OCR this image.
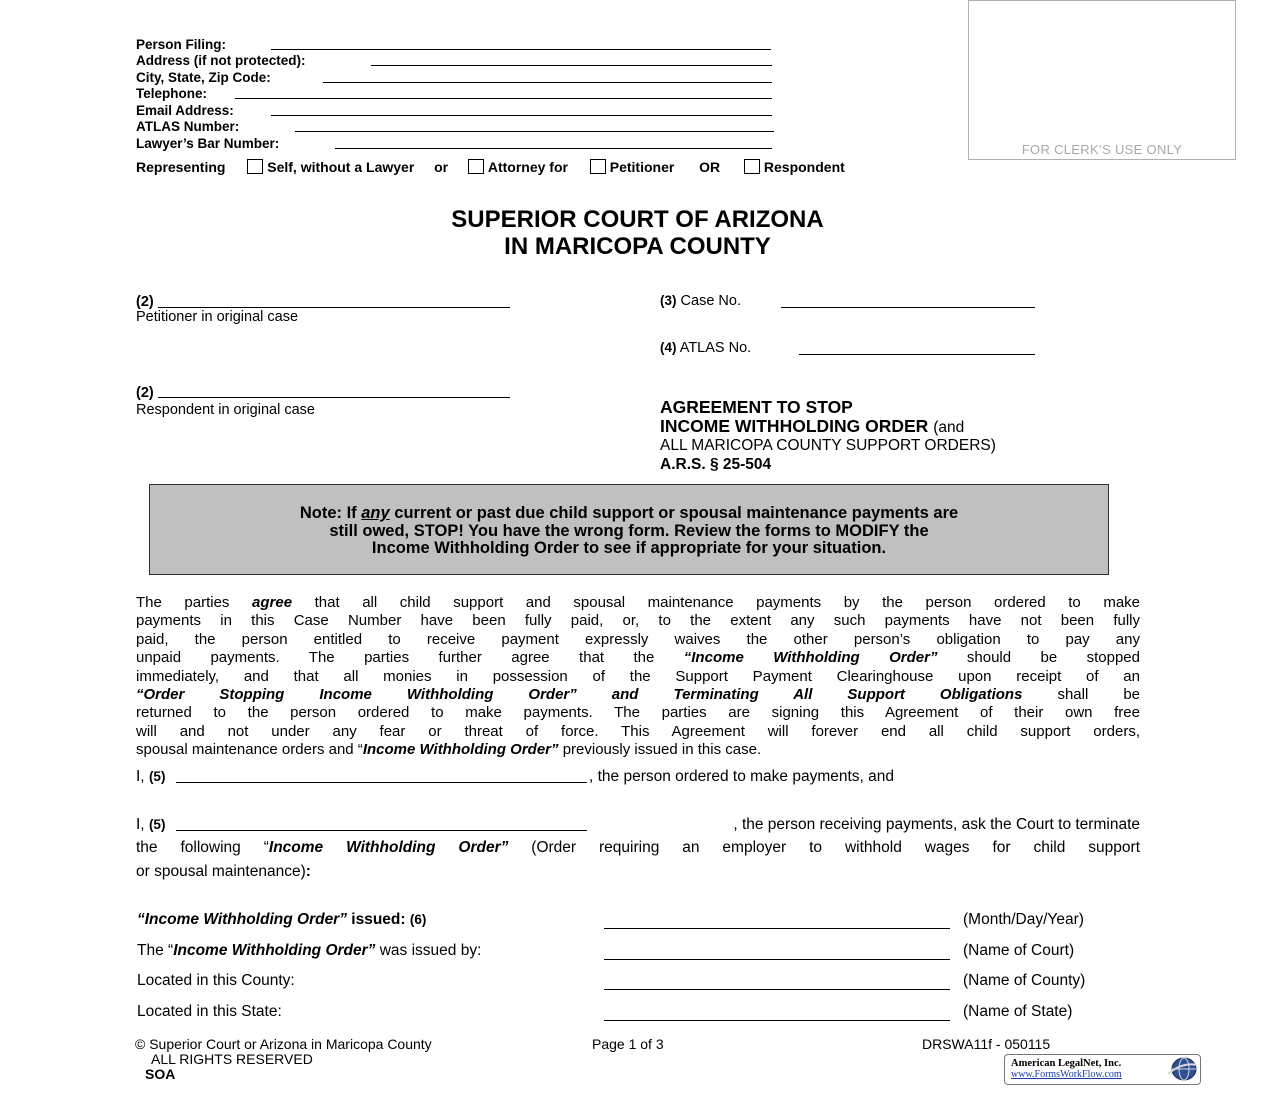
Person Filing:
Address (if not protected):
City, State, Zip Code:
Telephone:
Email Address:
ATLAS Number:
Lawyer’s Bar Number:	FOR CLERK’S USE ONLY
Representing	Self, without a Lawyer or	Attorney for	Petitioner OR	Respondent
SUPERIOR COURT OF ARIZONA
IN MARICOPA COUNTY
(2)
Petitioner in original case
(2)
Respondent in original case
(3) Case No.
(4) ATLAS No.
AGREEMENT TO STOP
INCOME WITHHOLDING ORDER (and
ALL MARICOPA COUNTY SUPPORT ORDERS)
A.R.S. § 25-504
Note: If any current or past due child support or spousal maintenance payments are
still owed, STOP! You have the wrong form. Review the forms to MODIFY the
Income Withholding Order to see if appropriate for your situation.
The parties agree that all child support and spousal maintenance payments by the person ordered to make
payments in this Case Number have been fully paid, or, to the extent any such payments have not been fully
paid, the person entitled to receive payment expressly waives the other person’s obligation to pay any
unpaid payments. The parties further agree that the “Income Withholding Order” should be stopped
immediately, and that all monies in possession of the Support Payment Clearinghouse upon receipt of an
“Order Stopping Income Withholding Order” and Terminating All Support Obligations shall be
returned to the person ordered to make payments. The parties are signing this Agreement of their own free
will and not under any fear or threat of force. This Agreement will forever end all child support orders,
spousal maintenance orders and “Income Withholding Order” previously issued in this case.
I, (5)	, the person ordered to make payments, and
I, (5)	, the person receiving payments, ask the Court to terminate
the following “Income Withholding Order” (Order requiring an employer to withhold wages for child support
or spousal maintenance):
“Income Withholding Order” issued: (6)	(Month/Day/Year)
The “Income Withholding Order” was issued by:	(Name of Court)
Located in this County:	(Name of County)
Located in this State:	(Name of State)
© Superior Court or Arizona in Maricopa County
ALL RIGHTS RESERVED
SOA
Page 1 of 3	DRSWA11f - 050115
American LegalNet, Inc.
www.FormsWorkFlow.com
